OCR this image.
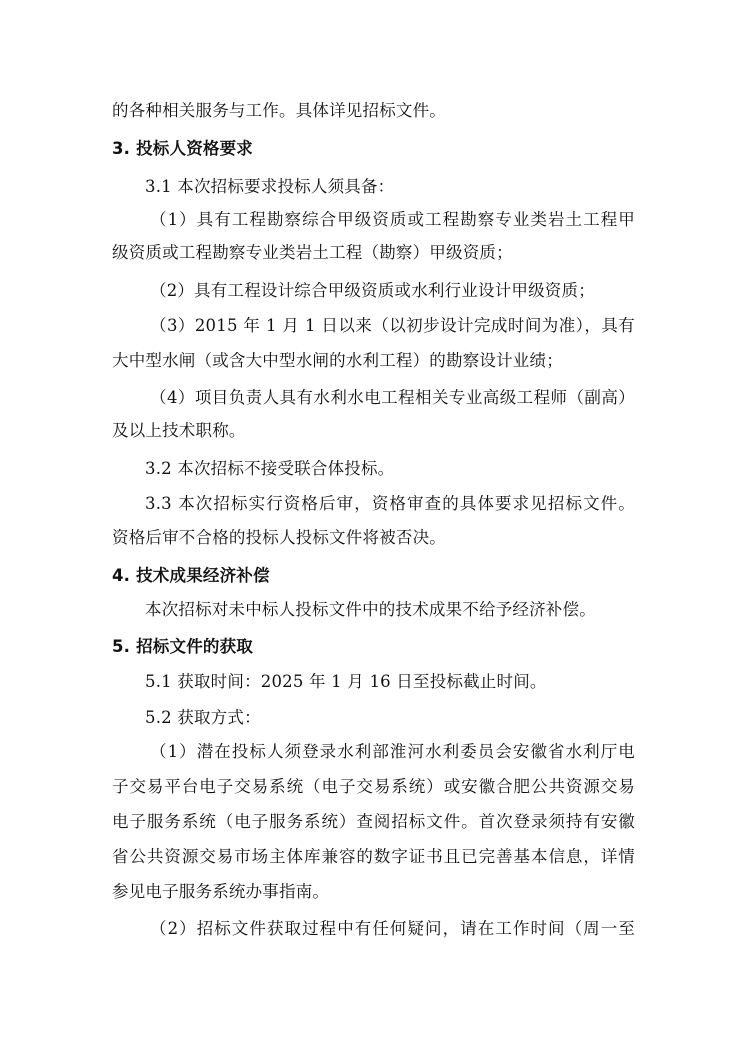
的各种相关服务与工作。具体详见招标文件。
3. 投标人资格要求
3.1 本次招标要求投标人须具备：
（1）具有工程勘察综合甲级资质或工程勘察专业类岩土工程甲
级资质或工程勘察专业类岩土工程（勘察）甲级资质；
（2）具有工程设计综合甲级资质或水利行业设计甲级资质；
（3）2015 年 1 月 1 日以来（以初步设计完成时间为准），具有
大中型水闸（或含大中型水闸的水利工程）的勘察设计业绩；
（4）项目负责人具有水利水电工程相关专业高级工程师（副高）
及以上技术职称。
3.2 本次招标不接受联合体投标。
3.3 本次招标实行资格后审，资格审查的具体要求见招标文件。
资格后审不合格的投标人投标文件将被否决。
4. 技术成果经济补偿
本次招标对未中标人投标文件中的技术成果不给予经济补偿。
5. 招标文件的获取
5.1 获取时间：2025 年 1 月 16 日至投标截止时间。
5.2 获取方式：
（1）潜在投标人须登录水利部淮河水利委员会安徽省水利厅电
子交易平台电子交易系统（电子交易系统）或安徽合肥公共资源交易
电子服务系统（电子服务系统）查阅招标文件。首次登录须持有安徽
省公共资源交易市场主体库兼容的数字证书且已完善基本信息，详情
参见电子服务系统办事指南。
（2）招标文件获取过程中有任何疑问，请在工作时间（周一至
